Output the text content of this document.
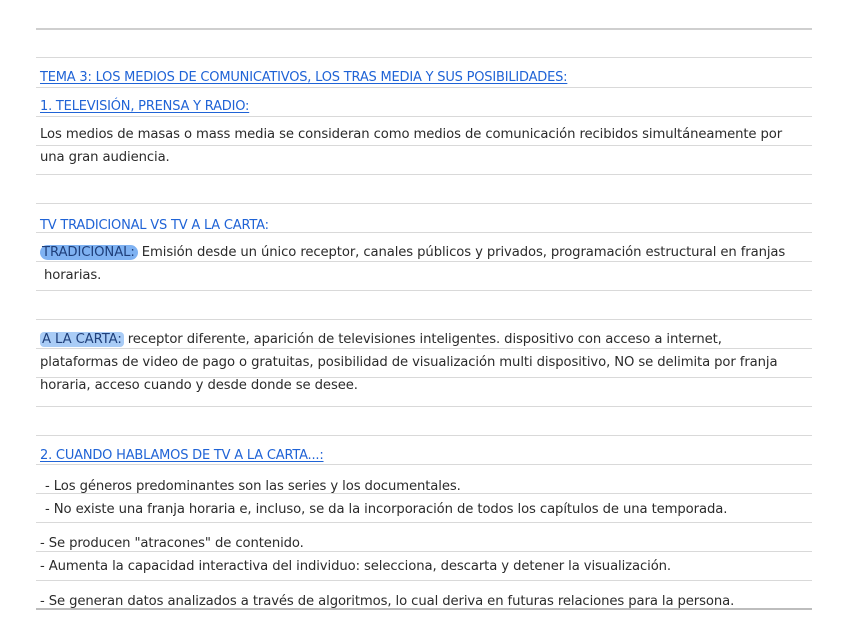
TEMA 3: LOS MEDIOS DE COMUNICATIVOS, LOS TRAS MEDIA Y SUS POSIBILIDADES:
1. TELEVISIÓN, PRENSA Y RADIO:
Los medios de masas o mass media se consideran como medios de comunicación recibidos simultáneamente por
una gran audiencia.
TV TRADICIONAL VS TV A LA CARTA:
TRADICIONAL: Emisión desde un único receptor, canales públicos y privados, programación estructural en franjas
horarias.
A LA CARTA: receptor diferente, aparición de televisiones inteligentes. dispositivo con acceso a internet,
plataformas de video de pago o gratuitas, posibilidad de visualización multi dispositivo, NO se delimita por franja
horaria, acceso cuando y desde donde se desee.
2. CUANDO HABLAMOS DE TV A LA CARTA...:
- Los géneros predominantes son las series y los documentales.
- No existe una franja horaria e, incluso, se da la incorporación de todos los capítulos de una temporada.
- Se producen "atracones" de contenido.
- Aumenta la capacidad interactiva del individuo: selecciona, descarta y detener la visualización.
- Se generan datos analizados a través de algoritmos, lo cual deriva en futuras relaciones para la persona.
